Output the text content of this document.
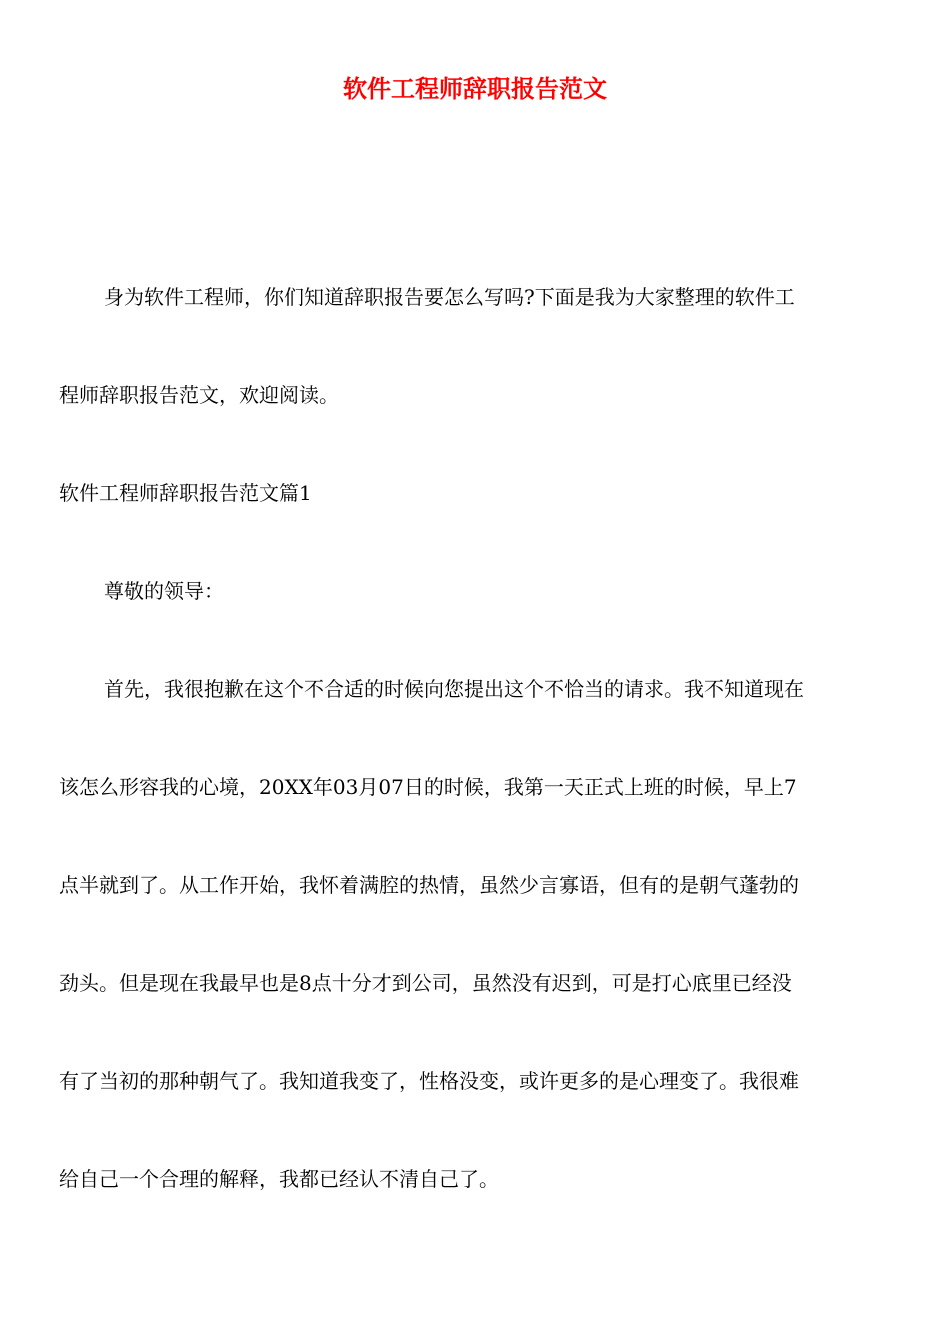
软件工程师辞职报告范文
身为软件工程师，你们知道辞职报告要怎么写吗?下面是我为大家整理的软件工
程师辞职报告范文，欢迎阅读。
软件工程师辞职报告范文篇1
尊敬的领导：
首先，我很抱歉在这个不合适的时候向您提出这个不恰当的请求。我不知道现在
该怎么形容我的心境，20XX年03月07日的时候，我第一天正式上班的时候，早上7
点半就到了。从工作开始，我怀着满腔的热情，虽然少言寡语，但有的是朝气蓬勃的
劲头。但是现在我最早也是8点十分才到公司，虽然没有迟到，可是打心底里已经没
有了当初的那种朝气了。我知道我变了，性格没变，或许更多的是心理变了。我很难
给自己一个合理的解释，我都已经认不清自己了。
